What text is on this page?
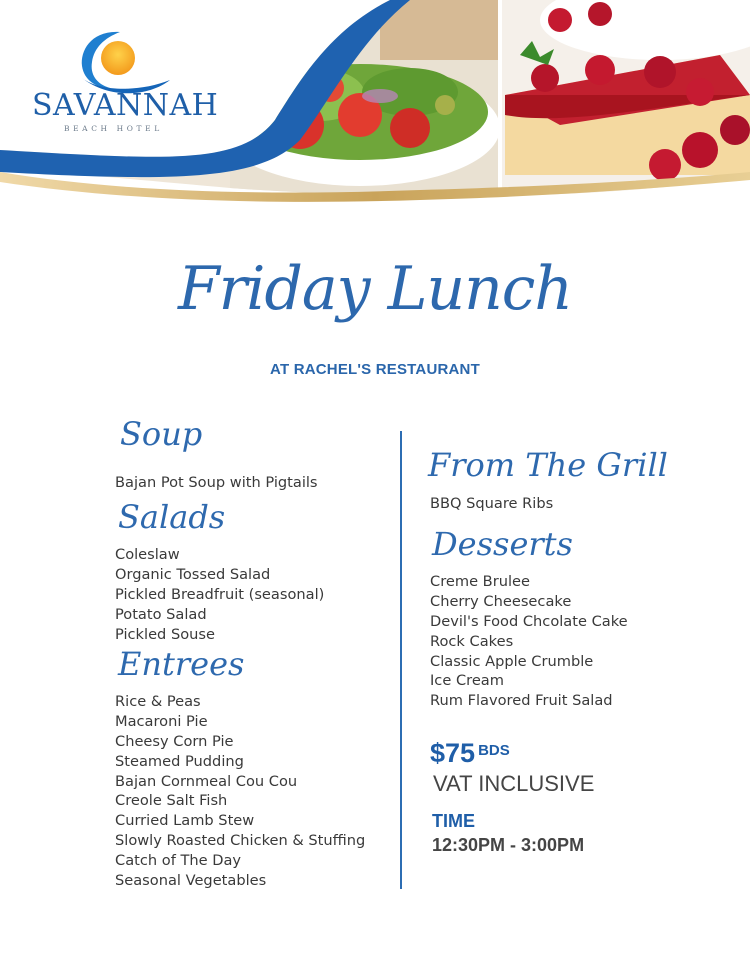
SAVANNAH
BEACH HOTEL
Friday Lunch
AT RACHEL'S RESTAURANT
Soup
Bajan Pot Soup with Pigtails
Salads
Coleslaw
Organic Tossed Salad
Pickled Breadfruit (seasonal)
Potato Salad
Pickled Souse
Entrees
Rice & Peas
Macaroni Pie
Cheesy Corn Pie
Steamed Pudding
Bajan Cornmeal Cou Cou
Creole Salt Fish
Curried Lamb Stew
Slowly Roasted Chicken & Stuffing
Catch of The Day
Seasonal Vegetables
From The Grill
BBQ Square Ribs
Desserts
Creme Brulee
Cherry Cheesecake
Devil's Food Chcolate Cake
Rock Cakes
Classic Apple Crumble
Ice Cream
Rum Flavored Fruit Salad
$75 $^{BDS}$
VAT INCLUSIVE
TIME
12:30PM - 3:00PM
